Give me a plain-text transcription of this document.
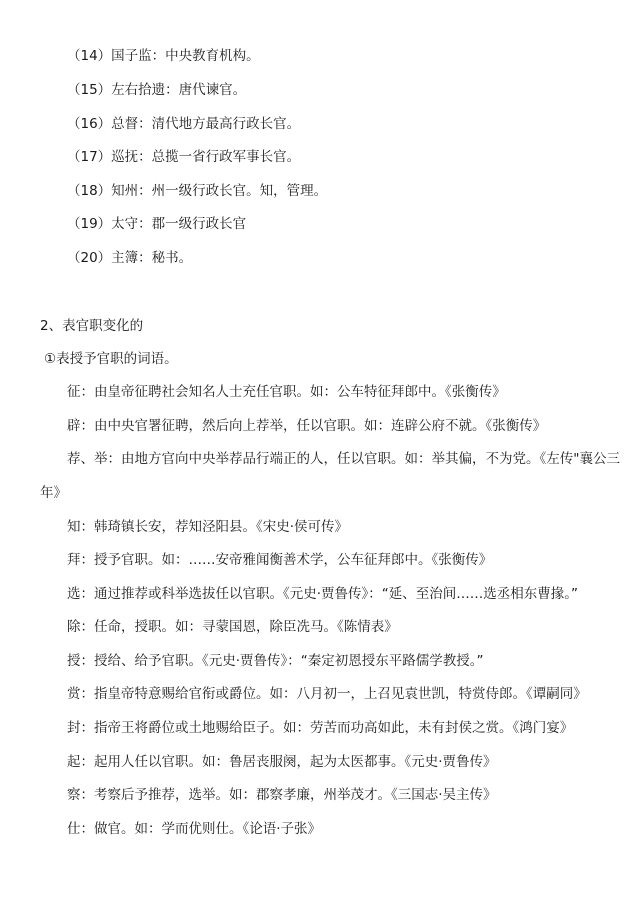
（14）国子监：中央教育机构。
（15）左右拾遗：唐代谏官。
（16）总督：清代地方最高行政长官。
（17）巡抚：总揽一省行政军事长官。
（18）知州：州一级行政长官。知，管理。
（19）太守：郡一级行政长官
（20）主簿：秘书。
2、表官职变化的
①表授予官职的词语。
征：由皇帝征聘社会知名人士充任官职。如：公车特征拜郎中。《张衡传》
辟：由中央官署征聘，然后向上荐举，任以官职。如：连辟公府不就。《张衡传》
荐、举：由地方官向中央举荐品行端正的人，任以官职。如：举其偏，不为党。《左传"襄公三
年》
知：韩琦镇长安，荐知泾阳县。《宋史·侯可传》
拜：授予官职。如：……安帝雅闻衡善术学，公车征拜郎中。《张衡传》
选：通过推荐或科举选拔任以官职。《元史·贾鲁传》：“延、至治间……选丞相东曹掾。”
除：任命，授职。如：寻蒙国恩，除臣冼马。《陈情表》
授：授给、给予官职。《元史·贾鲁传》：“秦定初恩授东平路儒学教授。”
赏：指皇帝特意赐给官衔或爵位。如：八月初一，上召见袁世凯，特赏侍郎。《谭嗣同》
封：指帝王将爵位或土地赐给臣子。如：劳苦而功高如此，未有封侯之赏。《鸿门宴》
起：起用人任以官职。如：鲁居丧服阕，起为太医都事。《元史·贾鲁传》
察：考察后予推荐，选举。如：郡察孝廉，州举茂才。《三国志·吴主传》
仕：做官。如：学而优则仕。《论语·子张》
